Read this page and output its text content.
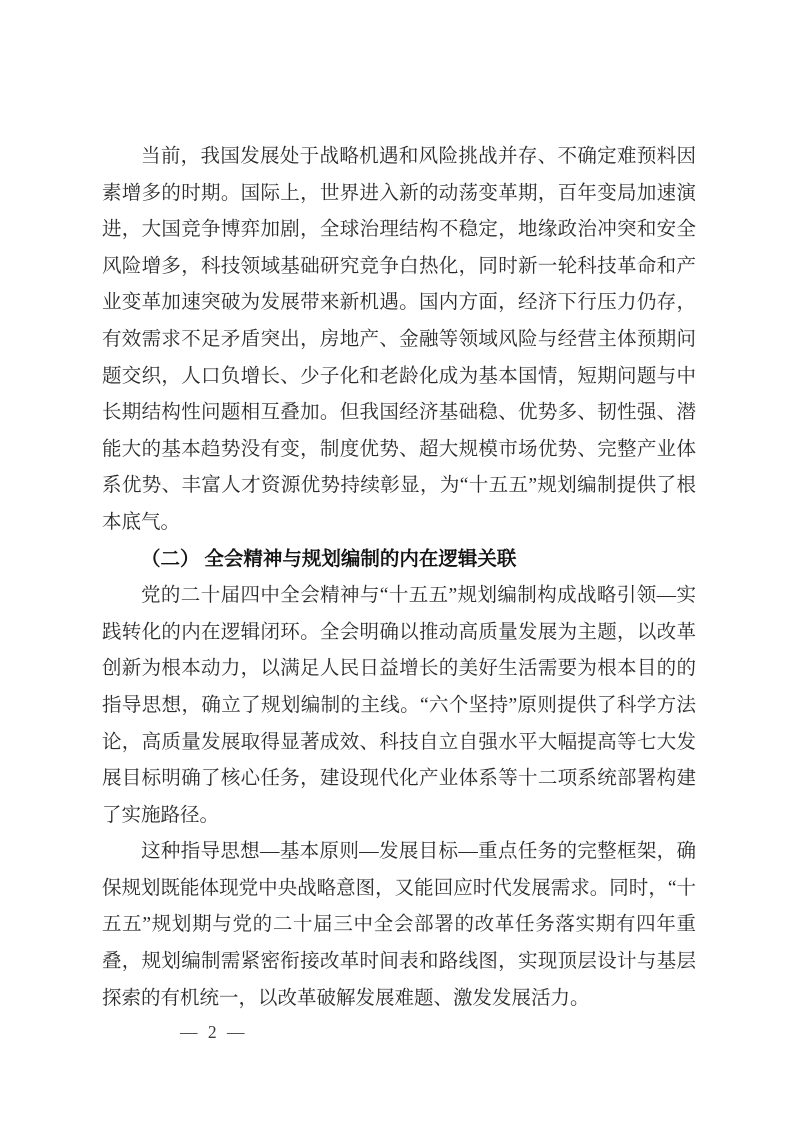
当前，我国发展处于战略机遇和风险挑战并存、不确定难预料因素增多的时期。国际上，世界进入新的动荡变革期，百年变局加速演进，大国竞争博弈加剧，全球治理结构不稳定，地缘政治冲突和安全风险增多，科技领域基础研究竞争白热化，同时新一轮科技革命和产业变革加速突破为发展带来新机遇。国内方面，经济下行压力仍存，有效需求不足矛盾突出，房地产、金融等领域风险与经营主体预期问题交织，人口负增长、少子化和老龄化成为基本国情，短期问题与中长期结构性问题相互叠加。但我国经济基础稳、优势多、韧性强、潜能大的基本趋势没有变，制度优势、超大规模市场优势、完整产业体系优势、丰富人才资源优势持续彰显，为“十五五”规划编制提供了根本底气。

（二） 全会精神与规划编制的内在逻辑关联

党的二十届四中全会精神与“十五五”规划编制构成战略引领—实践转化的内在逻辑闭环。全会明确以推动高质量发展为主题，以改革创新为根本动力，以满足人民日益增长的美好生活需要为根本目的的指导思想，确立了规划编制的主线。“六个坚持”原则提供了科学方法论，高质量发展取得显著成效、科技自立自强水平大幅提高等七大发展目标明确了核心任务，建设现代化产业体系等十二项系统部署构建了实施路径。

这种指导思想—基本原则—发展目标—重点任务的完整框架，确保规划既能体现党中央战略意图，又能回应时代发展需求。同时，“十五五”规划期与党的二十届三中全会部署的改革任务落实期有四年重叠，规划编制需紧密衔接改革时间表和路线图，实现顶层设计与基层探索的有机统一，以改革破解发展难题、激发发展活力。

— 2 —
